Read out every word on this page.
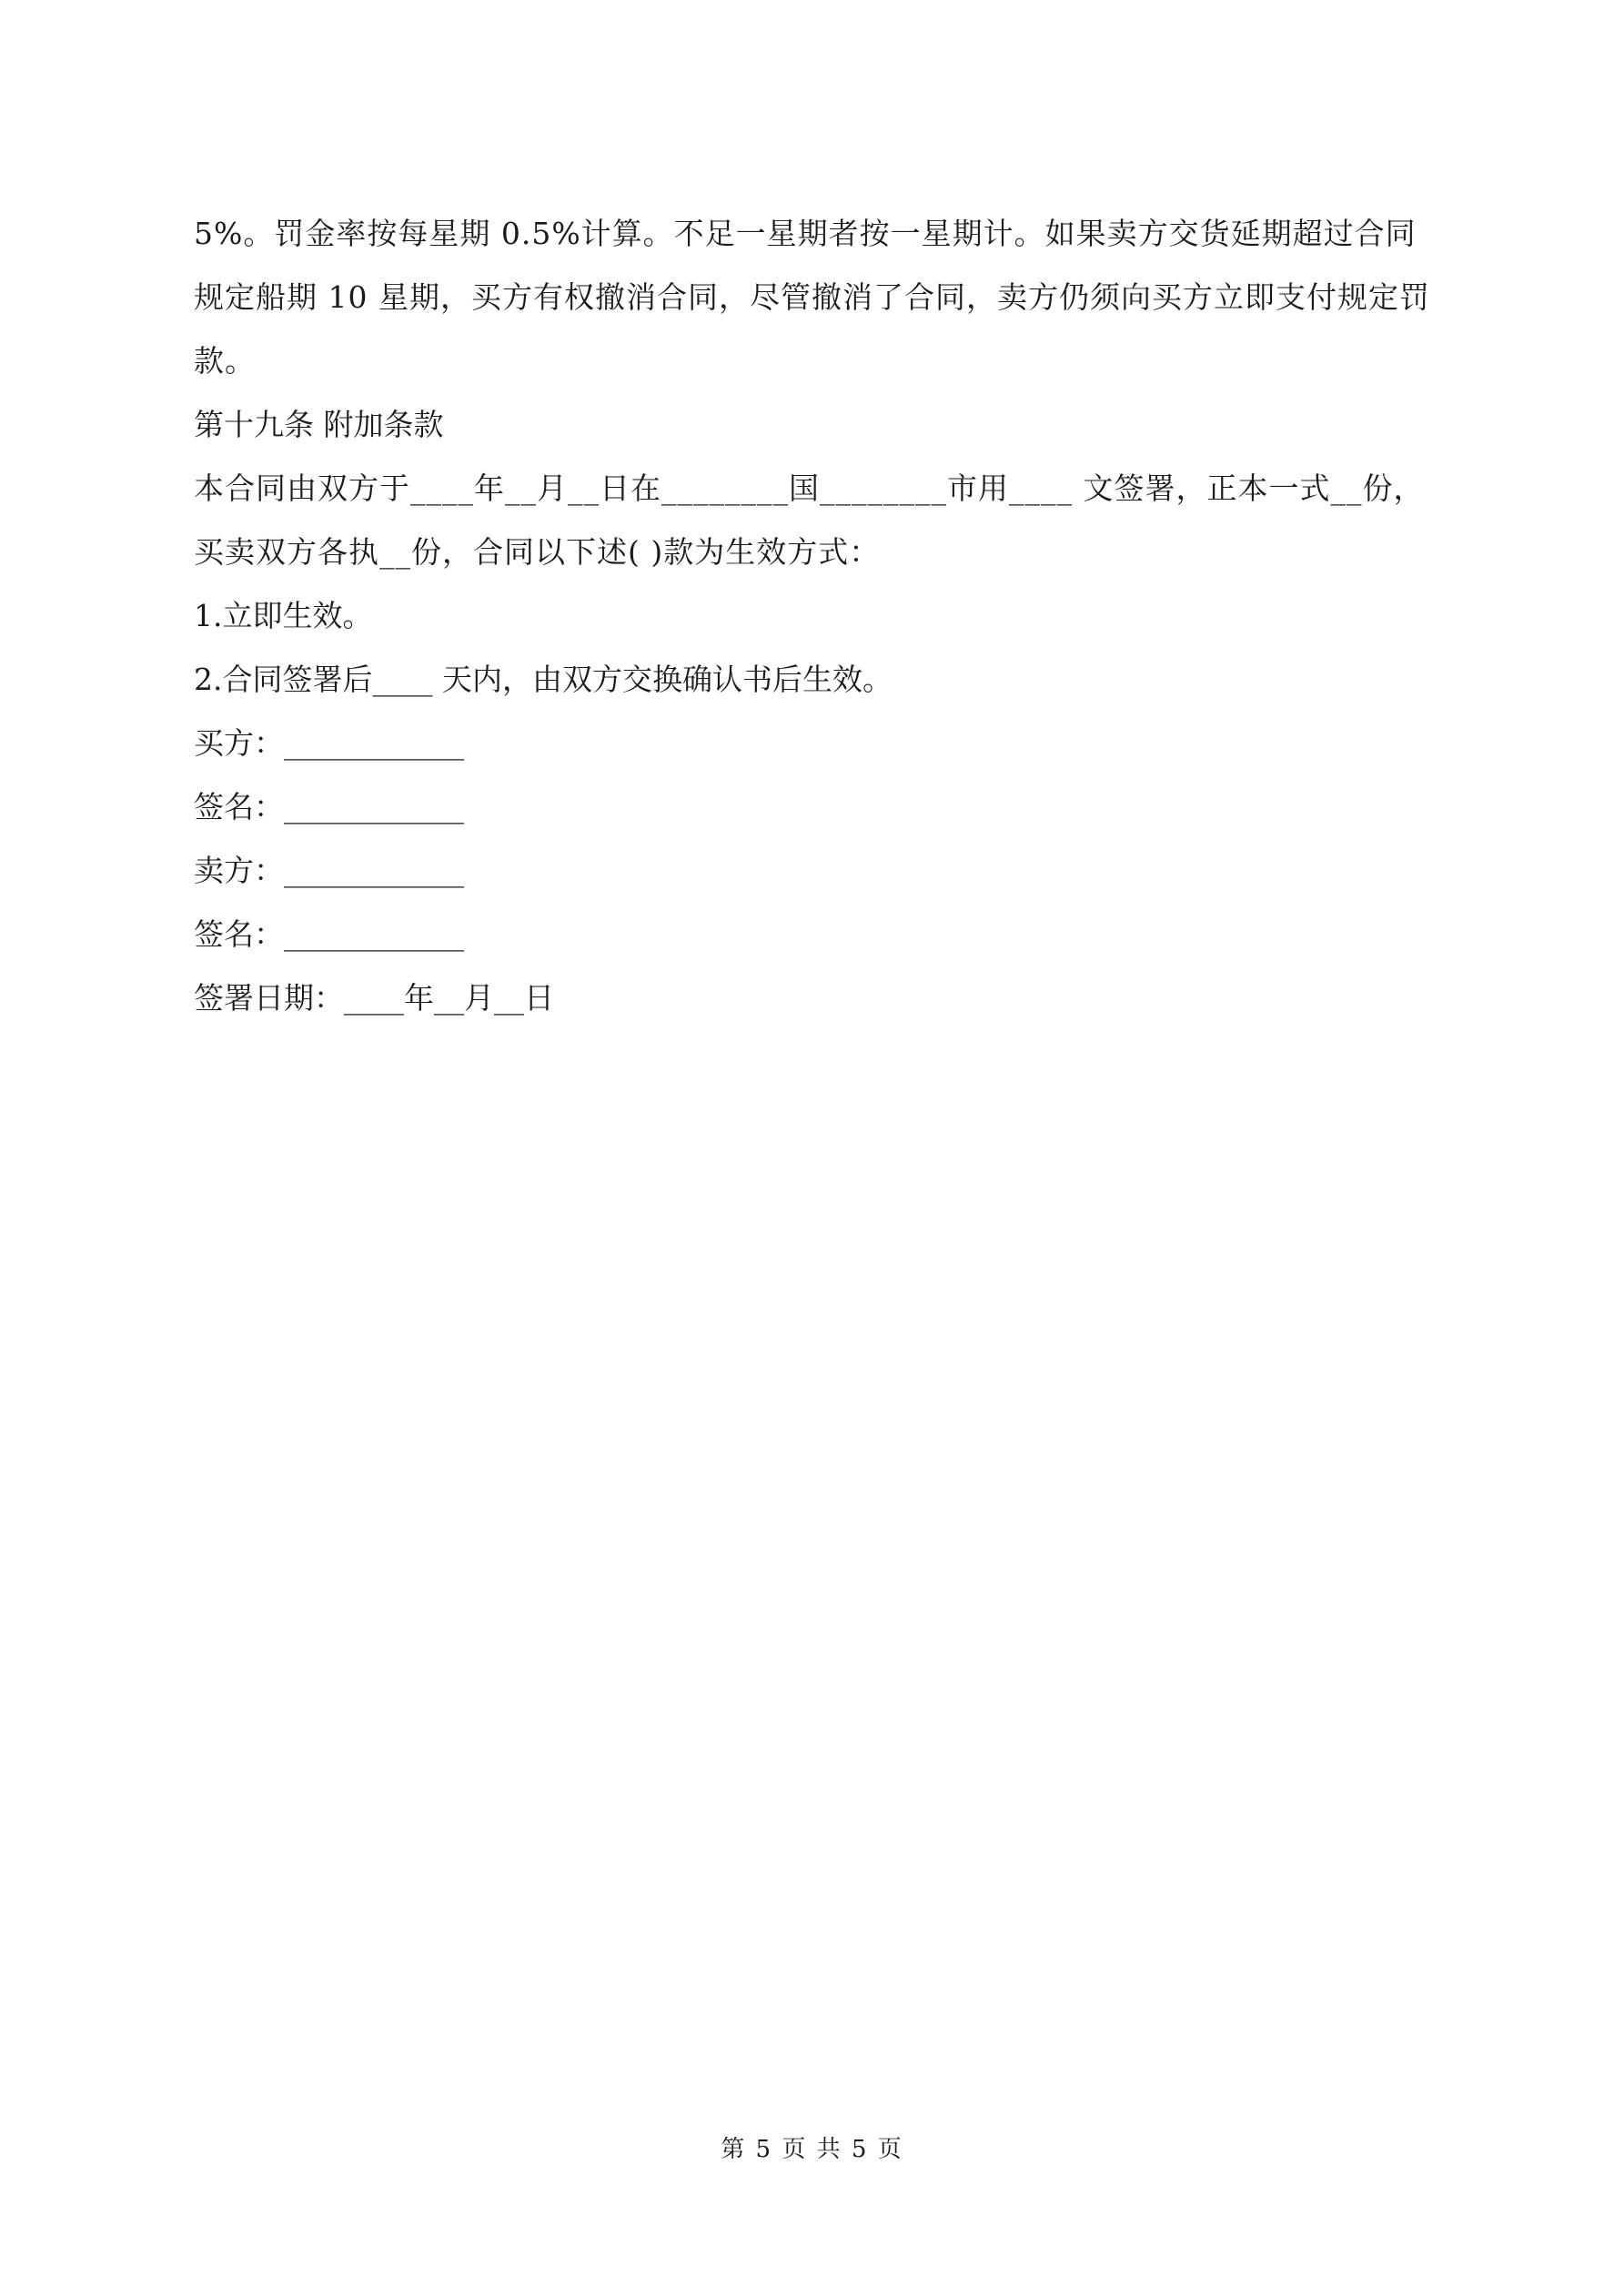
5%。罚金率按每星期 0.5%计算。不足一星期者按一星期计。如果卖方交货延期超过合同规定船期 10 星期，买方有权撤消合同，尽管撤消了合同，卖方仍须向买方立即支付规定罚款。

第十九条 附加条款

本合同由双方于____年__月__日在________国________市用____ 文签署，正本一式__份，买卖双方各执__份，合同以下述( )款为生效方式：

1.立即生效。

2.合同签署后____ 天内，由双方交换确认书后生效。

买方：____________

签名：____________

卖方：____________

签名：____________

签署日期：____年__月__日

第 5 页 共 5 页
